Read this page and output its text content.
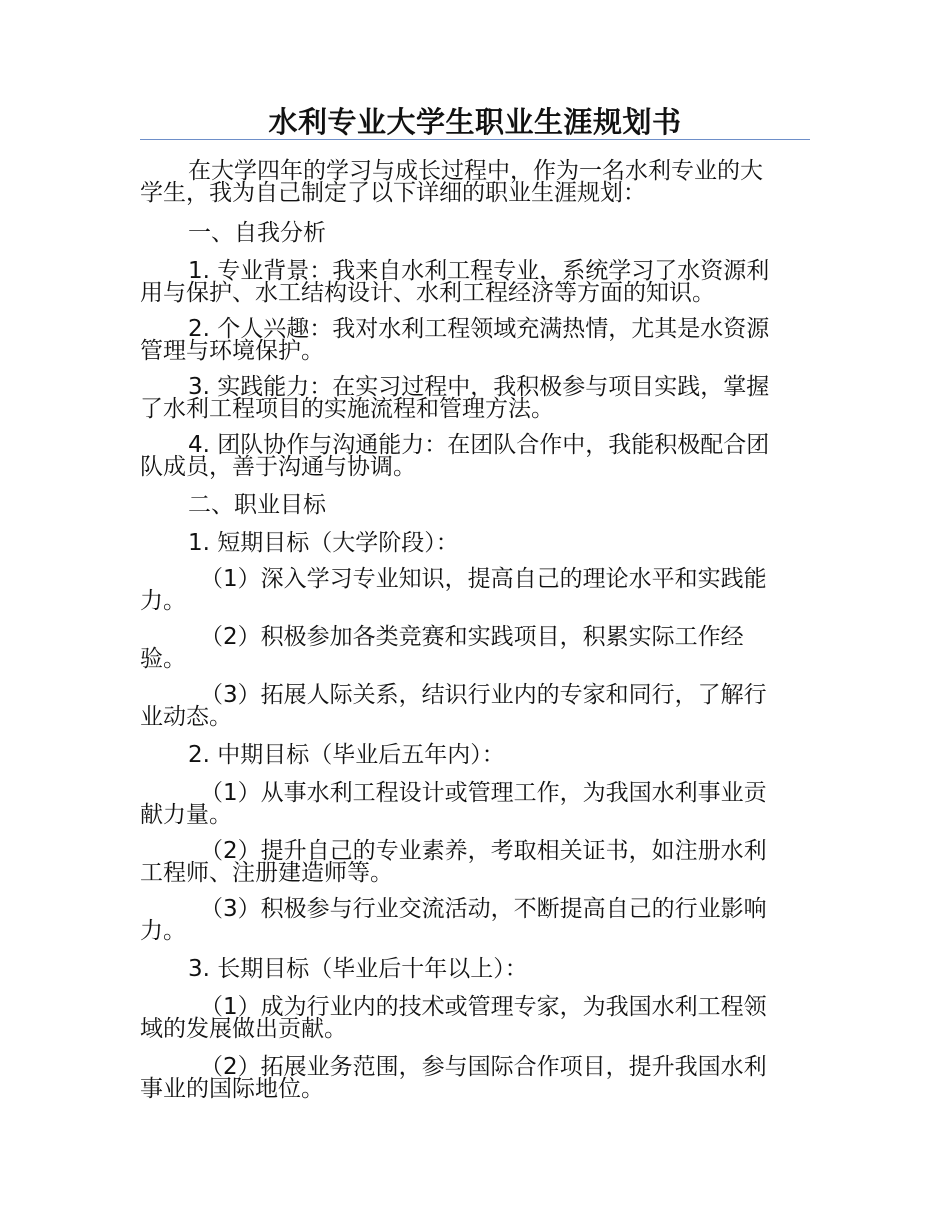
水利专业大学生职业生涯规划书
在大学四年的学习与成长过程中，作为一名水利专业的大
学生，我为自己制定了以下详细的职业生涯规划：
一、自我分析
1. 专业背景：我来自水利工程专业，系统学习了水资源利
用与保护、水工结构设计、水利工程经济等方面的知识。
2. 个人兴趣：我对水利工程领域充满热情，尤其是水资源
管理与环境保护。
3. 实践能力：在实习过程中，我积极参与项目实践，掌握
了水利工程项目的实施流程和管理方法。
4. 团队协作与沟通能力：在团队合作中，我能积极配合团
队成员，善于沟通与协调。
二、职业目标
1. 短期目标（大学阶段）：
（1）深入学习专业知识，提高自己的理论水平和实践能
力。
（2）积极参加各类竞赛和实践项目，积累实际工作经
验。
（3）拓展人际关系，结识行业内的专家和同行，了解行
业动态。
2. 中期目标（毕业后五年内）：
（1）从事水利工程设计或管理工作，为我国水利事业贡
献力量。
（2）提升自己的专业素养，考取相关证书，如注册水利
工程师、注册建造师等。
（3）积极参与行业交流活动，不断提高自己的行业影响
力。
3. 长期目标（毕业后十年以上）：
（1）成为行业内的技术或管理专家，为我国水利工程领
域的发展做出贡献。
（2）拓展业务范围，参与国际合作项目，提升我国水利
事业的国际地位。
